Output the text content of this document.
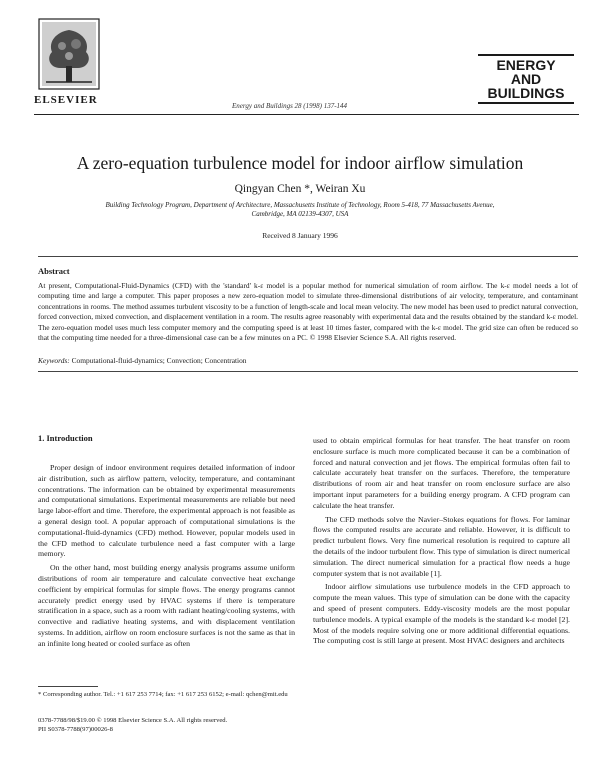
ELSEVIER	Energy and Buildings 28 (1998) 137-144
ENERGY
AND
BUILDINGS
A zero-equation turbulence model for indoor airflow simulation
Qingyan Chen *, Weiran Xu
Building Technology Program, Department of Architecture, Massachusetts Institute of Technology, Room 5-418, 77 Massachusetts Avenue,
Cambridge, MA 02139-4307, USA
Received 8 January 1996
Abstract
At present, Computational-Fluid-Dynamics (CFD) with the 'standard' k-ε model is a popular method for numerical simulation of room airflow. The k-ε model needs a lot of computing time and large a computer. This paper proposes a new zero-equation model to simulate three-dimensional distributions of air velocity, temperature, and contaminant concentrations in rooms. The method assumes turbulent viscosity to be a function of length-scale and local mean velocity. The new model has been used to predict natural convection, forced convection, mixed convection, and displacement ventilation in a room. The results agree reasonably with experimental data and the results obtained by the standard k-ε model. The zero-equation model uses much less computer memory and the computing speed is at least 10 times faster, compared with the k-ε model. The grid size can often be reduced so that the computing time needed for a three-dimensional case can be a few minutes on a PC. © 1998 Elsevier Science S.A. All rights reserved.
Keywords: Computational-fluid-dynamics; Convection; Concentration
1. Introduction

Proper design of indoor environment requires detailed information of indoor air distribution, such as airflow pattern, velocity, temperature, and contaminant concentrations. The information can be obtained by experimental measurements and computational simulations. Experimental measurements are reliable but need large labor-effort and time. Therefore, the experimental approach is not feasible as a general design tool. A popular approach of computational simulations is the computational-fluid-dynamics (CFD) method. However, popular models used in the CFD method to calculate turbulence need a fast computer with a large memory.

On the other hand, most building energy analysis programs assume uniform distributions of room air temperature and calculate convective heat exchange coefficient by empirical formulas for simple flows. The energy programs cannot accurately predict energy used by HVAC systems if there is temperature stratification in a space, such as a room with radiant heating/cooling systems, with convective and radiative heating systems, and with displacement ventilation systems. In addition, airflow on room enclosure surfaces is not the same as that in an infinite long heated or cooled surface as often

used to obtain empirical formulas for heat transfer. The heat transfer on room enclosure surface is much more complicated because it can be a combination of forced and natural convection and jet flows. The empirical formulas often fail to calculate accurately heat transfer on the surfaces. Therefore, the temperature distributions of room air and heat transfer on room enclosure surface are also important input parameters for a building energy program. A CFD program can calculate the heat transfer.

The CFD methods solve the Navier–Stokes equations for flows. For laminar flows the computed results are accurate and reliable. However, it is difficult to predict turbulent flows. Very fine numerical resolution is required to capture all the details of the indoor turbulent flow. This type of simulation is direct numerical simulation. The direct numerical simulation for a practical flow needs a huge computer system that is not available [1].

Indoor airflow simulations use turbulence models in the CFD approach to compute the mean values. This type of simulation can be done with the capacity and speed of present computers. Eddy-viscosity models are the most popular turbulence models. A typical example of the models is the standard k-ε model [2]. Most of the models require solving one or more additional differential equations. The computing cost is still large at present. Most HVAC designers and architects

* Corresponding author. Tel.: +1 617 253 7714; fax: +1 617 253 6152; e-mail: qchen@mit.edu
0378-7788/98/$19.00 © 1998 Elsevier Science S.A. All rights reserved.
PII S0378-7788(97)00026-8
